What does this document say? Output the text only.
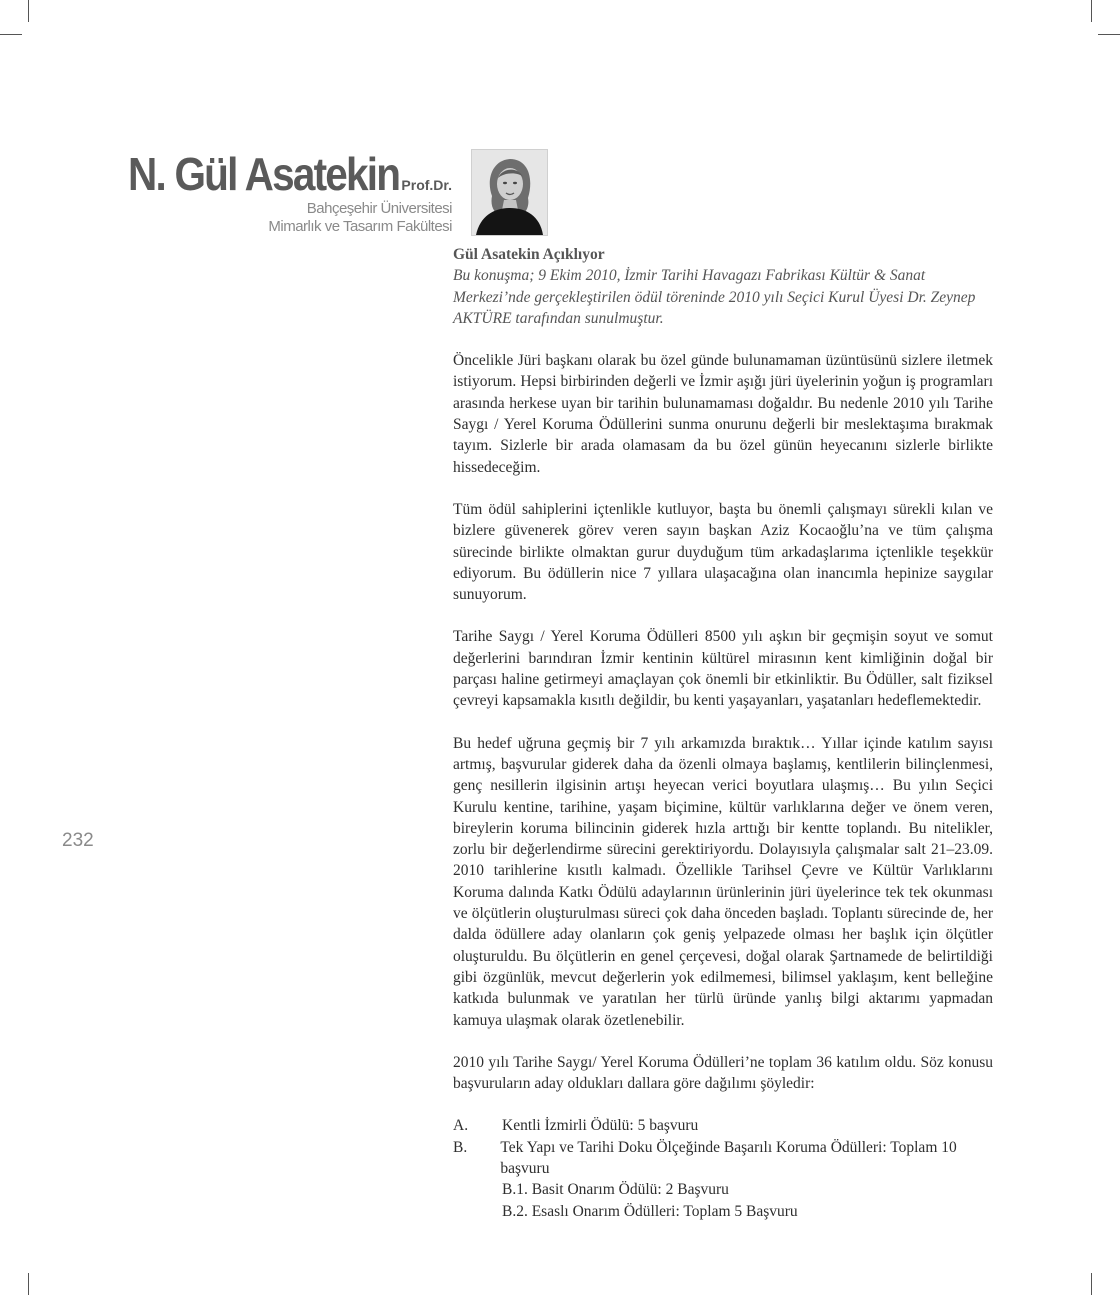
N. Gül Asatekin Prof.Dr.
Bahçeşehir Üniversitesi
Mimarlık ve Tasarım Fakültesi

Gül Asatekin Açıklıyor

Bu konuşma; 9 Ekim 2010, İzmir Tarihi Havagazı Fabrikası Kültür & Sanat Merkezi’nde gerçekleştirilen ödül töreninde 2010 yılı Seçici Kurul Üyesi Dr. Zeynep AKTÜRE tarafından sunulmuştur.

Öncelikle Jüri başkanı olarak bu özel günde bulunamaman üzüntüsünü sizlere iletmek istiyorum. Hepsi birbirinden değerli ve İzmir aşığı jüri üyelerinin yoğun iş programları arasında herkese uyan bir tarihin bulunamaması doğaldır. Bu nedenle 2010 yılı Tarihe Saygı / Yerel Koruma Ödüllerini sunma onurunu değerli bir meslektaşıma bırakmak tayım. Sizlerle bir arada olamasam da bu özel günün heyecanını sizlerle birlikte hissedeceğim.

Tüm ödül sahiplerini içtenlikle kutluyor, başta bu önemli çalışmayı sürekli kılan ve bizlere güvenerek görev veren sayın başkan Aziz Kocaoğlu’na ve tüm çalışma sürecinde birlikte olmaktan gurur duyduğum tüm arkadaşlarıma içtenlikle teşekkür ediyorum. Bu ödüllerin nice 7 yıllara ulaşacağına olan inancımla hepinize saygılar sunuyorum.

Tarihe Saygı / Yerel Koruma Ödülleri 8500 yılı aşkın bir geçmişin soyut ve somut değerlerini barındıran İzmir kentinin kültürel mirasının kent kimliğinin doğal bir parçası haline getirmeyi amaçlayan çok önemli bir etkinliktir. Bu Ödüller, salt fiziksel çevreyi kapsamakla kısıtlı değildir, bu kenti yaşayanları, yaşatanları hedeflemektedir.

Bu hedef uğruna geçmiş bir 7 yılı arkamızda bıraktık… Yıllar içinde katılım sayısı artmış, başvurular giderek daha da özenli olmaya başlamış, kentlilerin bilinçlenmesi, genç nesillerin ilgisinin artışı heyecan verici boyutlara ulaşmış… Bu yılın Seçici Kurulu kentine, tarihine, yaşam biçimine, kültür varlıklarına değer ve önem veren, bireylerin koruma bilincinin giderek hızla arttığı bir kentte toplandı. Bu nitelikler, zorlu bir değerlendirme sürecini gerektiriyordu. Dolayısıyla çalışmalar salt 21–23.09. 2010 tarihlerine kısıtlı kalmadı. Özellikle Tarihsel Çevre ve Kültür Varlıklarını Koruma dalında Katkı Ödülü adaylarının ürünlerinin jüri üyelerince tek tek okunması ve ölçütlerin oluşturulması süreci çok daha önceden başladı. Toplantı sürecinde de, her dalda ödüllere aday olanların çok geniş yelpazede olması her başlık için ölçütler oluşturuldu. Bu ölçütlerin en genel çerçevesi, doğal olarak Şartnamede de belirtildiği gibi özgünlük, mevcut değerlerin yok edilmemesi, bilimsel yaklaşım, kent belleğine katkıda bulunmak ve yaratılan her türlü üründe yanlış bilgi aktarımı yapmadan kamuya ulaşmak olarak özetlenebilir.

2010 yılı Tarihe Saygı/ Yerel Koruma Ödülleri’ne toplam 36 katılım oldu. Söz konusu başvuruların aday oldukları dallara göre dağılımı şöyledir:

A.	Kentli İzmirli Ödülü: 5 başvuru
B.	Tek Yapı ve Tarihi Doku Ölçeğinde Başarılı Koruma Ödülleri: Toplam 10 başvuru
B.1. Basit Onarım Ödülü: 2 Başvuru
B.2. Esaslı Onarım Ödülleri: Toplam 5 Başvuru
232
